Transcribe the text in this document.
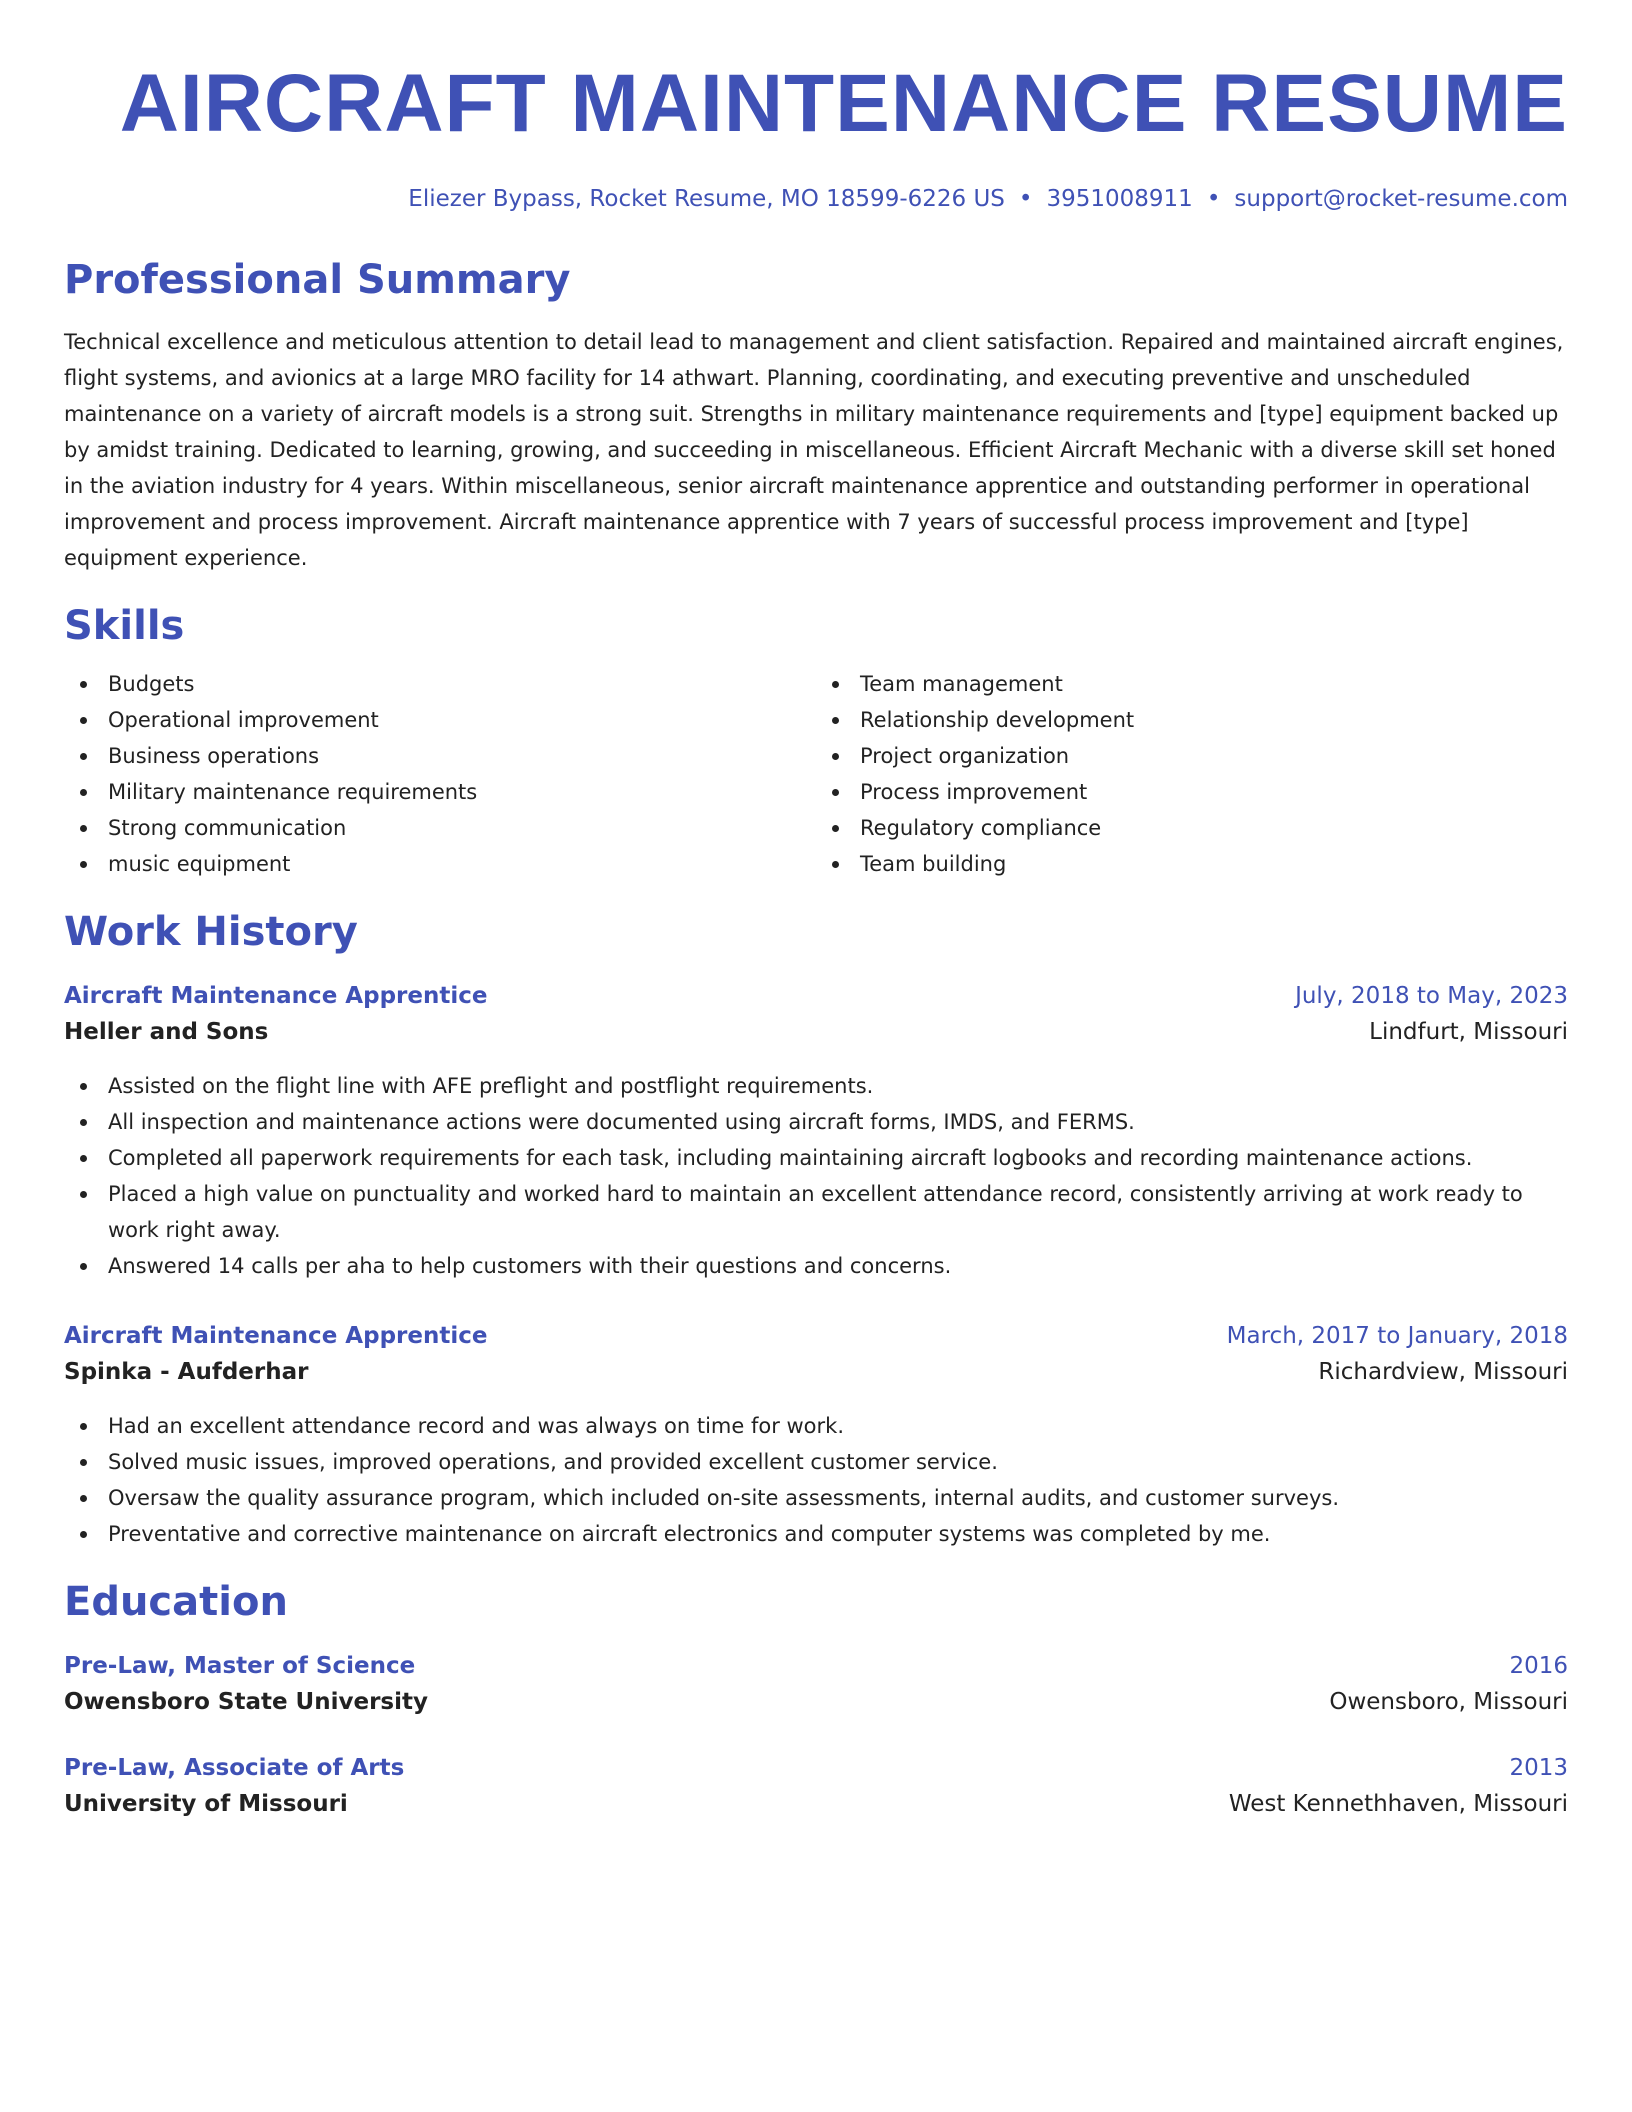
AIRCRAFT MAINTENANCE RESUME
Eliezer Bypass, Rocket Resume, MO 18599-6226 US • 3951008911 • support@rocket-resume.com
Professional Summary
Technical excellence and meticulous attention to detail lead to management and client satisfaction. Repaired and maintained aircraft engines, flight systems, and avionics at a large MRO facility for 14 athwart. Planning, coordinating, and executing preventive and unscheduled maintenance on a variety of aircraft models is a strong suit. Strengths in military maintenance requirements and [type] equipment backed up by amidst training. Dedicated to learning, growing, and succeeding in miscellaneous. Efficient Aircraft Mechanic with a diverse skill set honed in the aviation industry for 4 years. Within miscellaneous, senior aircraft maintenance apprentice and outstanding performer in operational improvement and process improvement. Aircraft maintenance apprentice with 7 years of successful process improvement and [type] equipment experience.
Skills
Budgets
Operational improvement
Business operations
Military maintenance requirements
Strong communication
music equipment
Team management
Relationship development
Project organization
Process improvement
Regulatory compliance
Team building
Work History
Aircraft Maintenance Apprentice	July, 2018 to May, 2023
Heller and Sons	Lindfurt, Missouri
Assisted on the flight line with AFE preflight and postflight requirements.
All inspection and maintenance actions were documented using aircraft forms, IMDS, and FERMS.
Completed all paperwork requirements for each task, including maintaining aircraft logbooks and recording maintenance actions.
Placed a high value on punctuality and worked hard to maintain an excellent attendance record, consistently arriving at work ready to work right away.
Answered 14 calls per aha to help customers with their questions and concerns.
Aircraft Maintenance Apprentice	March, 2017 to January, 2018
Spinka - Aufderhar	Richardview, Missouri
Had an excellent attendance record and was always on time for work.
Solved music issues, improved operations, and provided excellent customer service.
Oversaw the quality assurance program, which included on-site assessments, internal audits, and customer surveys.
Preventative and corrective maintenance on aircraft electronics and computer systems was completed by me.
Education
Pre-Law, Master of Science	2016
Owensboro State University	Owensboro, Missouri
Pre-Law, Associate of Arts	2013
University of Missouri	West Kennethhaven, Missouri
